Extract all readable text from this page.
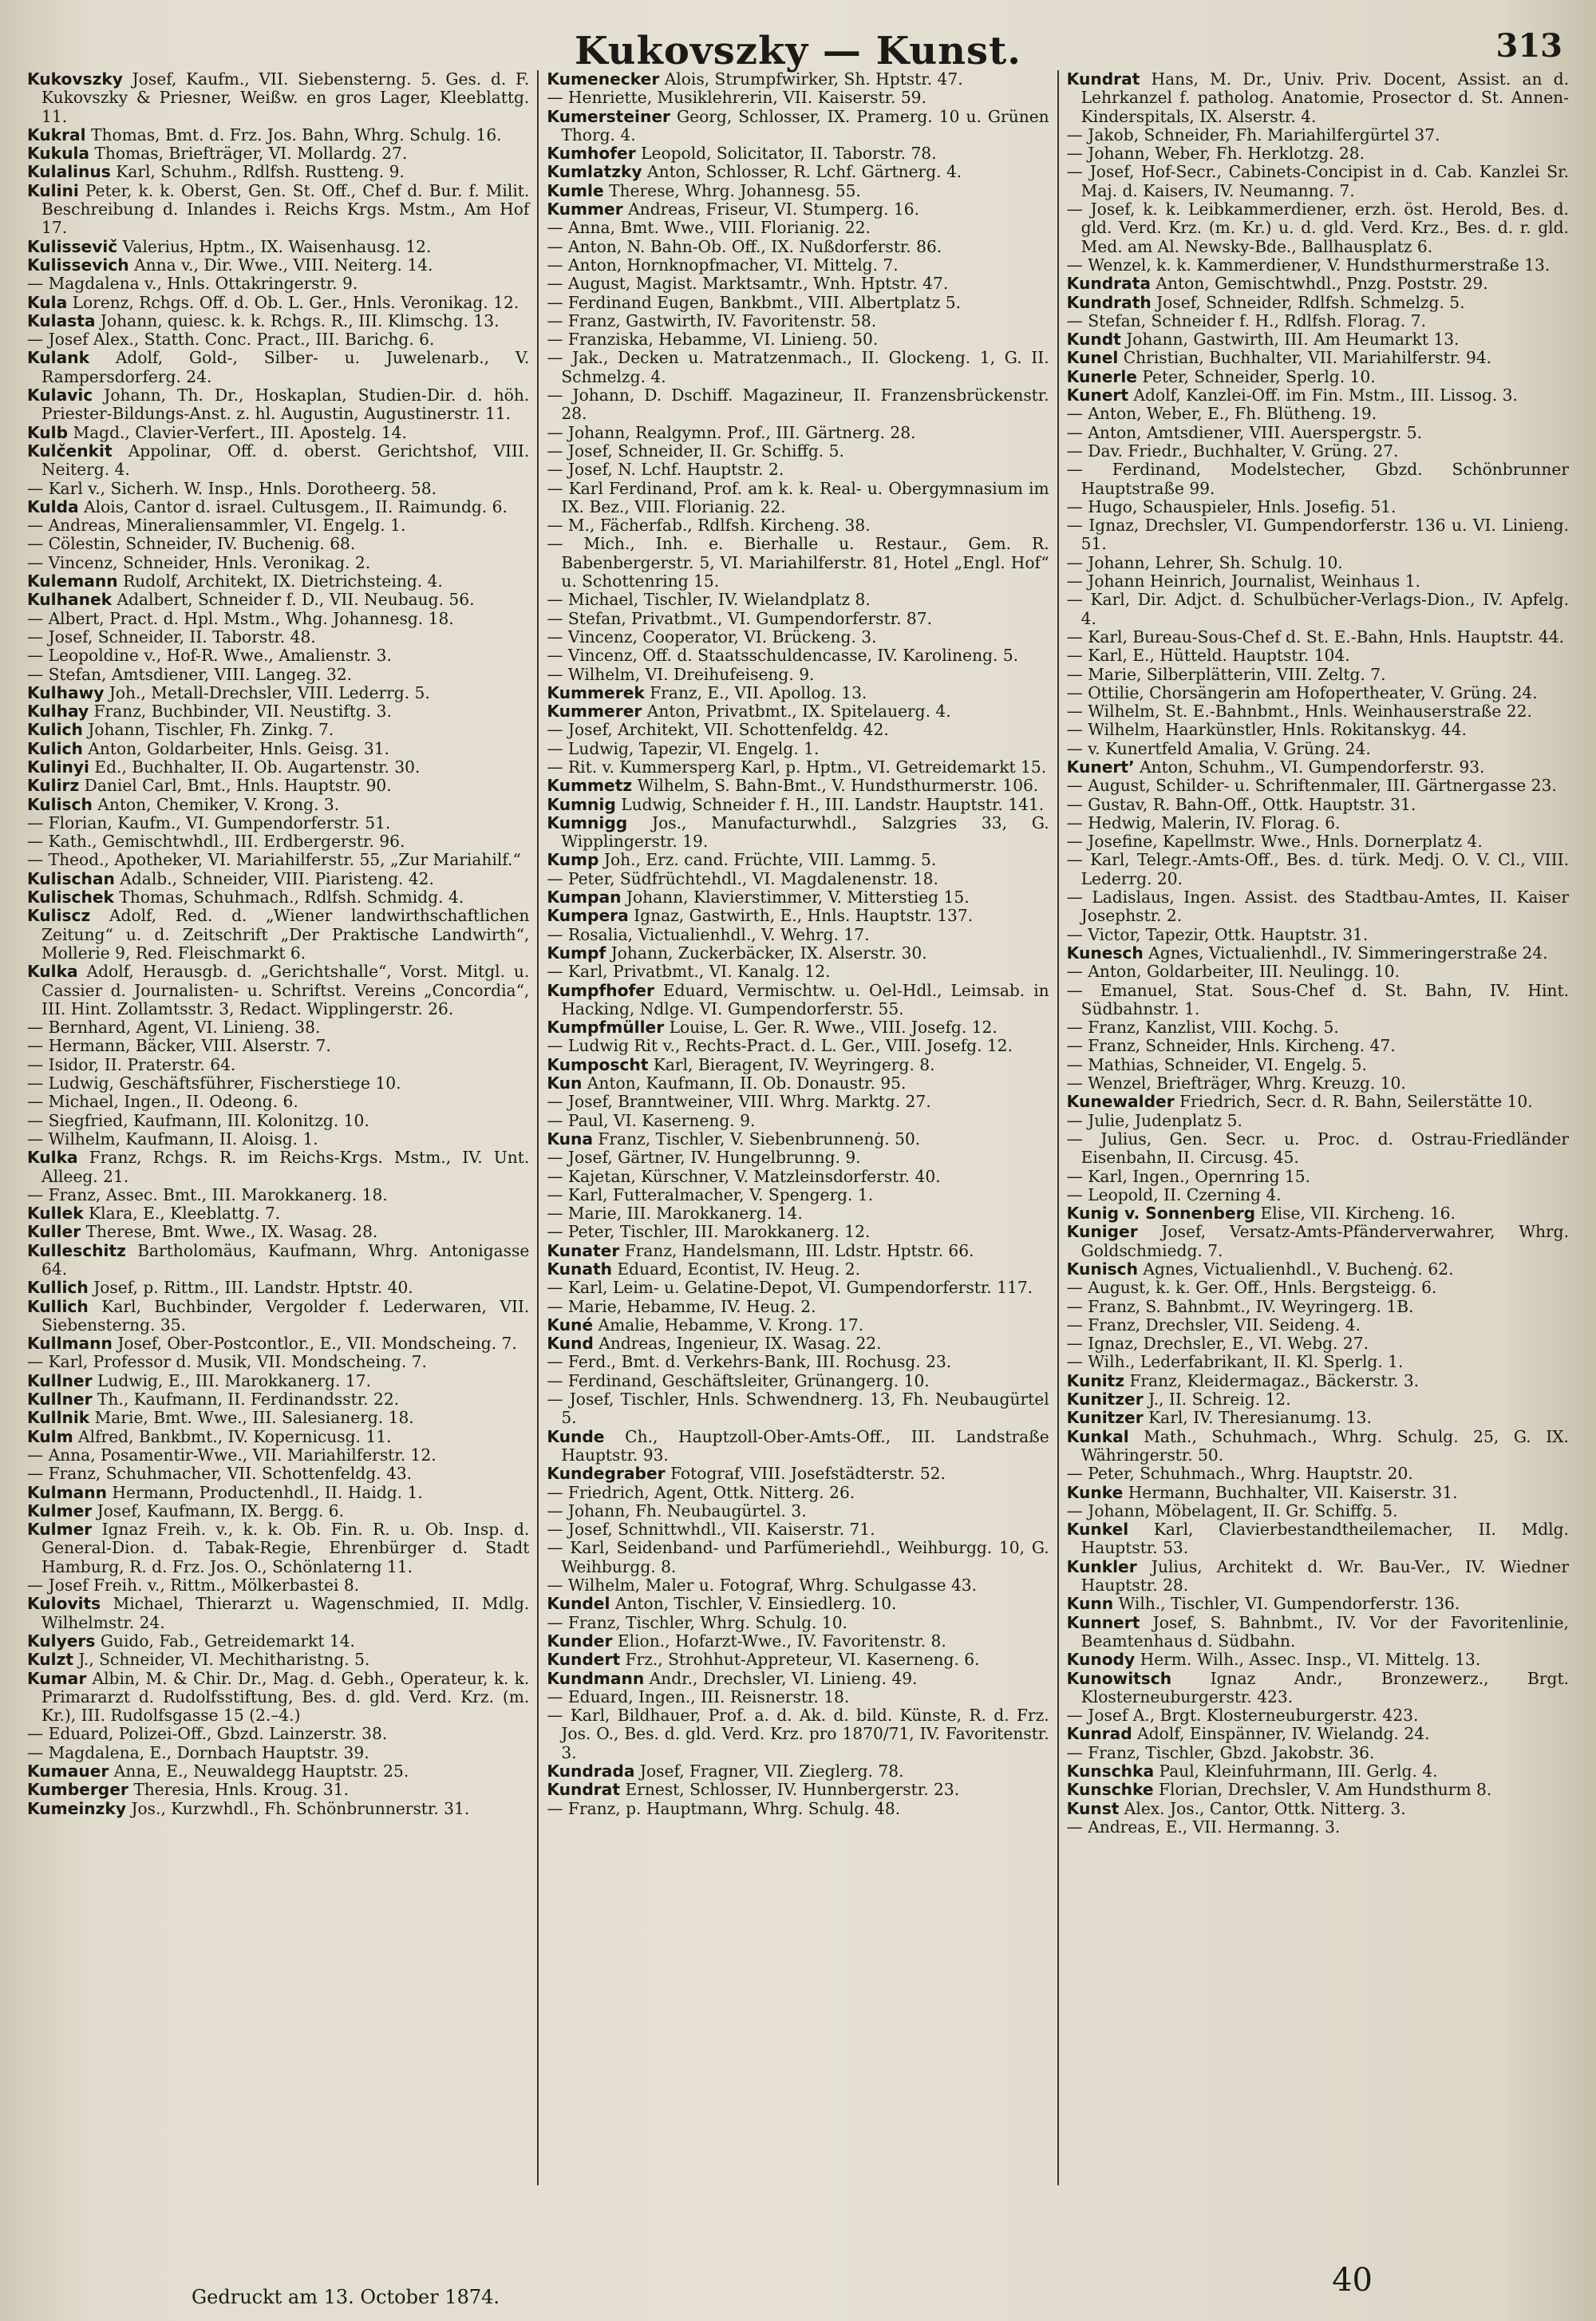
Kukovszky — Kunst.	313

Kukovszky Josef, Kaufm., VII. Siebensterng. 5. Ges. d. F. Kukovszky & Priesner, Weißw. en gros Lager, Kleeblattg. 11.

Kukral Thomas, Bmt. d. Frz. Jos. Bahn, Whrg. Schulg. 16.

Kukula Thomas, Briefträger, VI. Mollardg. 27.

Kulalinus Karl, Schuhm., Rdlfsh. Rustteng. 9.

Kulini Peter, k. k. Oberst, Gen. St. Off., Chef d. Bur. f. Milit. Beschreibung d. Inlandes i. Reichs Krgs. Mstm., Am Hof 17.

Kulissevič Valerius, Hptm., IX. Waisenhausg. 12.

Kulissevich Anna v., Dir. Wwe., VIII. Neiterg. 14.

— Magdalena v., Hnls. Ottakringerstr. 9.

Kula Lorenz, Rchgs. Off. d. Ob. L. Ger., Hnls. Veronikag. 12.

Kulasta Johann, quiesc. k. k. Rchgs. R., III. Klimschg. 13.

— Josef Alex., Statth. Conc. Pract., III. Barichg. 6.

Kulank Adolf, Gold-, Silber- u. Juwelenarb., V. Rampersdorferg. 24.

Kulavic Johann, Th. Dr., Hoskaplan, Studien-Dir. d. höh. Priester-Bildungs-Anst. z. hl. Augustin, Augustinerstr. 11.

Kulb Magd., Clavier-Verfert., III. Apostelg. 14.

Kulčenkit Appolinar, Off. d. oberst. Gerichtshof, VIII. Neiterg. 4.

— Karl v., Sicherh. W. Insp., Hnls. Dorotheerg. 58.

Kulda Alois, Cantor d. israel. Cultusgem., II. Raimundg. 6.

— Andreas, Mineraliensammler, VI. Engelg. 1.

— Cölestin, Schneider, IV. Buchenig. 68.

— Vincenz, Schneider, Hnls. Veronikag. 2.

Kulemann Rudolf, Architekt, IX. Dietrichsteing. 4.

Kulhanek Adalbert, Schneider f. D., VII. Neubaug. 56.

— Albert, Pract. d. Hpl. Mstm., Whg. Johannesg. 18.

— Josef, Schneider, II. Taborstr. 48.

— Leopoldine v., Hof-R. Wwe., Amalienstr. 3.

— Stefan, Amtsdiener, VIII. Langeg. 32.

Kulhawy Joh., Metall-Drechsler, VIII. Lederrg. 5.

Kulhay Franz, Buchbinder, VII. Neustiftg. 3.

Kulich Johann, Tischler, Fh. Zinkg. 7.

Kulich Anton, Goldarbeiter, Hnls. Geisg. 31.

Kulinyi Ed., Buchhalter, II. Ob. Augartenstr. 30.

Kulirz Daniel Carl, Bmt., Hnls. Hauptstr. 90.

Kulisch Anton, Chemiker, V. Krong. 3.

— Florian, Kaufm., VI. Gumpendorferstr. 51.

— Kath., Gemischtwhdl., III. Erdbergerstr. 96.

— Theod., Apotheker, VI. Mariahilferstr. 55, „Zur Mariahilf.“

Kulischan Adalb., Schneider, VIII. Piaristeng. 42.

Kulischek Thomas, Schuhmach., Rdlfsh. Schmidg. 4.

Kuliscz Adolf, Red. d. „Wiener landwirthschaftlichen Zeitung“ u. d. Zeitschrift „Der Praktische Landwirth“, Mollerie 9, Red. Fleischmarkt 6.

Kulka Adolf, Herausgb. d. „Gerichtshalle“, Vorst. Mitgl. u. Cassier d. Journalisten- u. Schriftst. Vereins „Concordia“, III. Hint. Zollamtsstr. 3, Redact. Wipplingerstr. 26.

— Bernhard, Agent, VI. Linieng. 38.

— Hermann, Bäcker, VIII. Alserstr. 7.

— Isidor, II. Praterstr. 64.

— Ludwig, Geschäftsführer, Fischerstiege 10.

— Michael, Ingen., II. Odeong. 6.

— Siegfried, Kaufmann, III. Kolonitzg. 10.

— Wilhelm, Kaufmann, II. Aloisg. 1.

Kulka Franz, Rchgs. R. im Reichs-Krgs. Mstm., IV. Unt. Alleeg. 21.

— Franz, Assec. Bmt., III. Marokkanerg. 18.

Kullek Klara, E., Kleeblattg. 7.

Kuller Therese, Bmt. Wwe., IX. Wasag. 28.

Kulleschitz Bartholomäus, Kaufmann, Whrg. Antonigasse 64.

Kullich Josef, p. Rittm., III. Landstr. Hptstr. 40.

Kullich Karl, Buchbinder, Vergolder f. Lederwaren, VII. Siebensterng. 35.

Kullmann Josef, Ober-Postcontlor., E., VII. Mondscheing. 7.

— Karl, Professor d. Musik, VII. Mondscheing. 7.

Kullner Ludwig, E., III. Marokkanerg. 17.

Kullner Th., Kaufmann, II. Ferdinandsstr. 22.

Kullnik Marie, Bmt. Wwe., III. Salesianerg. 18.

Kulm Alfred, Bankbmt., IV. Kopernicusg. 11.

— Anna, Posamentir-Wwe., VII. Mariahilferstr. 12.

— Franz, Schuhmacher, VII. Schottenfeldg. 43.

Kulmann Hermann, Productenhdl., II. Haidg. 1.

Kulmer Josef, Kaufmann, IX. Bergg. 6.

Kulmer Ignaz Freih. v., k. k. Ob. Fin. R. u. Ob. Insp. d. General-Dion. d. Tabak-Regie, Ehrenbürger d. Stadt Hamburg, R. d. Frz. Jos. O., Schönlaterng 11.

— Josef Freih. v., Rittm., Mölkerbastei 8.

Kulovits Michael, Thierarzt u. Wagenschmied, II. Mdlg. Wilhelmstr. 24.

Kulyers Guido, Fab., Getreidemarkt 14.

Kulzt J., Schneider, VI. Mechitharistng. 5.

Kumar Albin, M. & Chir. Dr., Mag. d. Gebh., Operateur, k. k. Primararzt d. Rudolfsstiftung, Bes. d. gld. Verd. Krz. (m. Kr.), III. Rudolfsgasse 15 (2.–4.)

— Eduard, Polizei-Off., Gbzd. Lainzerstr. 38.

— Magdalena, E., Dornbach Hauptstr. 39.

Kumauer Anna, E., Neuwaldegg Hauptstr. 25.

Kumberger Theresia, Hnls. Kroug. 31.

Kumeinzky Jos., Kurzwhdl., Fh. Schönbrunnerstr. 31.

Kumenecker Alois, Strumpfwirker, Sh. Hptstr. 47.

— Henriette, Musiklehrerin, VII. Kaiserstr. 59.

Kumersteiner Georg, Schlosser, IX. Pramerg. 10 u. Grünen Thorg. 4.

Kumhofer Leopold, Solicitator, II. Taborstr. 78.

Kumlatzky Anton, Schlosser, R. Lchf. Gärtnerg. 4.

Kumle Therese, Whrg. Johannesg. 55.

Kummer Andreas, Friseur, VI. Stumperg. 16.

— Anna, Bmt. Wwe., VIII. Florianig. 22.

— Anton, N. Bahn-Ob. Off., IX. Nußdorferstr. 86.

— Anton, Hornknopfmacher, VI. Mittelg. 7.

— August, Magist. Marktsamtr., Wnh. Hptstr. 47.

— Ferdinand Eugen, Bankbmt., VIII. Albertplatz 5.

— Franz, Gastwirth, IV. Favoritenstr. 58.

— Franziska, Hebamme, VI. Linieng. 50.

— Jak., Decken u. Matratzenmach., II. Glockeng. 1, G. II. Schmelzg. 4.

— Johann, D. Dschiff. Magazineur, II. Franzensbrückenstr. 28.

— Johann, Realgymn. Prof., III. Gärtnerg. 28.

— Josef, Schneider, II. Gr. Schiffg. 5.

— Josef, N. Lchf. Hauptstr. 2.

— Karl Ferdinand, Prof. am k. k. Real- u. Obergymnasium im IX. Bez., VIII. Florianig. 22.

— M., Fächerfab., Rdlfsh. Kircheng. 38.

— Mich., Inh. e. Bierhalle u. Restaur., Gem. R. Babenbergerstr. 5, VI. Mariahilferstr. 81, Hotel „Engl. Hof“ u. Schottenring 15.

— Michael, Tischler, IV. Wielandplatz 8.

— Stefan, Privatbmt., VI. Gumpendorferstr. 87.

— Vincenz, Cooperator, VI. Brückeng. 3.

— Vincenz, Off. d. Staatsschuldencasse, IV. Karolineng. 5.

— Wilhelm, VI. Dreihufeiseng. 9.

Kummerek Franz, E., VII. Apollog. 13.

Kummerer Anton, Privatbmt., IX. Spitelauerg. 4.

— Josef, Architekt, VII. Schottenfeldg. 42.

— Ludwig, Tapezir, VI. Engelg. 1.

— Rit. v. Kummersperg Karl, p. Hptm., VI. Getreidemarkt 15.

Kummetz Wilhelm, S. Bahn-Bmt., V. Hundsthurmerstr. 106.

Kumnig Ludwig, Schneider f. H., III. Landstr. Hauptstr. 141.

Kumnigg Jos., Manufacturwhdl., Salzgries 33, G. Wipplingerstr. 19.

Kump Joh., Erz. cand. Früchte, VIII. Lammg. 5.

— Peter, Südfrüchtehdl., VI. Magdalenenstr. 18.

Kumpan Johann, Klavierstimmer, V. Mitterstieg 15.

Kumpera Ignaz, Gastwirth, E., Hnls. Hauptstr. 137.

— Rosalia, Victualienhdl., V. Wehrg. 17.

Kumpf Johann, Zuckerbäcker, IX. Alserstr. 30.

— Karl, Privatbmt., VI. Kanalg. 12.

Kumpfhofer Eduard, Vermischtw. u. Oel-Hdl., Leimsab. in Hacking, Ndlge. VI. Gumpendorferstr. 55.

Kumpfmüller Louise, L. Ger. R. Wwe., VIII. Josefg. 12.

— Ludwig Rit v., Rechts-Pract. d. L. Ger., VIII. Josefg. 12.

Kumposcht Karl, Bieragent, IV. Weyringerg. 8.

Kun Anton, Kaufmann, II. Ob. Donaustr. 95.

— Josef, Branntweiner, VIII. Whrg. Marktg. 27.

— Paul, VI. Kaserneng. 9.

Kuna Franz, Tischler, V. Siebenbrunnenġ. 50.

— Josef, Gärtner, IV. Hungelbrunng. 9.

— Kajetan, Kürschner, V. Matzleinsdorferstr. 40.

— Karl, Futteralmacher, V. Spengerg. 1.

— Marie, III. Marokkanerg. 14.

— Peter, Tischler, III. Marokkanerg. 12.

Kunater Franz, Handelsmann, III. Ldstr. Hptstr. 66.

Kunath Eduard, Econtist, IV. Heug. 2.

— Karl, Leim- u. Gelatine-Depot, VI. Gumpendorferstr. 117.

— Marie, Hebamme, IV. Heug. 2.

Kuné Amalie, Hebamme, V. Krong. 17.

Kund Andreas, Ingenieur, IX. Wasag. 22.

— Ferd., Bmt. d. Verkehrs-Bank, III. Rochusg. 23.

— Ferdinand, Geschäftsleiter, Grünangerg. 10.

— Josef, Tischler, Hnls. Schwendnerg. 13, Fh. Neubaugürtel 5.

Kunde Ch., Hauptzoll-Ober-Amts-Off., III. Landstraße Hauptstr. 93.

Kundegraber Fotograf, VIII. Josefstädterstr. 52.

— Friedrich, Agent, Ottk. Nitterg. 26.

— Johann, Fh. Neubaugürtel. 3.

— Josef, Schnittwhdl., VII. Kaiserstr. 71.

— Karl, Seidenband- und Parfümeriehdl., Weihburgg. 10, G. Weihburgg. 8.

— Wilhelm, Maler u. Fotograf, Whrg. Schulgasse 43.

Kundel Anton, Tischler, V. Einsiedlerg. 10.

— Franz, Tischler, Whrg. Schulg. 10.

Kunder Elion., Hofarzt-Wwe., IV. Favoritenstr. 8.

Kundert Frz., Strohhut-Appreteur, VI. Kaserneng. 6.

Kundmann Andr., Drechsler, VI. Linieng. 49.

— Eduard, Ingen., III. Reisnerstr. 18.

— Karl, Bildhauer, Prof. a. d. Ak. d. bild. Künste, R. d. Frz. Jos. O., Bes. d. gld. Verd. Krz. pro 1870/71, IV. Favoritenstr. 3.

Kundrada Josef, Fragner, VII. Zieglerg. 78.

Kundrat Ernest, Schlosser, IV. Hunnbergerstr. 23.

— Franz, p. Hauptmann, Whrg. Schulg. 48.

Kundrat Hans, M. Dr., Univ. Priv. Docent, Assist. an d. Lehrkanzel f. patholog. Anatomie, Prosector d. St. Annen-Kinderspitals, IX. Alserstr. 4.

— Jakob, Schneider, Fh. Mariahilfergürtel 37.

— Johann, Weber, Fh. Herklotzg. 28.

— Josef, Hof-Secr., Cabinets-Concipist in d. Cab. Kanzlei Sr. Maj. d. Kaisers, IV. Neumanng. 7.

— Josef, k. k. Leibkammerdiener, erzh. öst. Herold, Bes. d. gld. Verd. Krz. (m. Kr.) u. d. gld. Verd. Krz., Bes. d. r. gld. Med. am Al. Newsky-Bde., Ballhausplatz 6.

— Wenzel, k. k. Kammerdiener, V. Hundsthurmerstraße 13.

Kundrata Anton, Gemischtwhdl., Pnzg. Poststr. 29.

Kundrath Josef, Schneider, Rdlfsh. Schmelzg. 5.

— Stefan, Schneider f. H., Rdlfsh. Florag. 7.

Kundt Johann, Gastwirth, III. Am Heumarkt 13.

Kunel Christian, Buchhalter, VII. Mariahilferstr. 94.

Kunerle Peter, Schneider, Sperlg. 10.

Kunert Adolf, Kanzlei-Off. im Fin. Mstm., III. Lissog. 3.

— Anton, Weber, E., Fh. Blütheng. 19.

— Anton, Amtsdiener, VIII. Auerspergstr. 5.

— Dav. Friedr., Buchhalter, V. Grüng. 27.

— Ferdinand, Modelstecher, Gbzd. Schönbrunner Hauptstraße 99.

— Hugo, Schauspieler, Hnls. Josefig. 51.

— Ignaz, Drechsler, VI. Gumpendorferstr. 136 u. VI. Linieng. 51.

— Johann, Lehrer, Sh. Schulg. 10.

— Johann Heinrich, Journalist, Weinhaus 1.

— Karl, Dir. Adjct. d. Schulbücher-Verlags-Dion., IV. Apfelg. 4.

— Karl, Bureau-Sous-Chef d. St. E.-Bahn, Hnls. Hauptstr. 44.

— Karl, E., Hütteld. Hauptstr. 104.

— Marie, Silberplätterin, VIII. Zeltg. 7.

— Ottilie, Chorsängerin am Hofopertheater, V. Grüng. 24.

— Wilhelm, St. E.-Bahnbmt., Hnls. Weinhauserstraße 22.

— Wilhelm, Haarkünstler, Hnls. Rokitanskyg. 44.

— v. Kunertfeld Amalia, V. Grüng. 24.

Kunertʼ Anton, Schuhm., VI. Gumpendorferstr. 93.

— August, Schilder- u. Schriftenmaler, III. Gärtnergasse 23.

— Gustav, R. Bahn-Off., Ottk. Hauptstr. 31.

— Hedwig, Malerin, IV. Florag. 6.

— Josefine, Kapellmstr. Wwe., Hnls. Dornerplatz 4.

— Karl, Telegr.-Amts-Off., Bes. d. türk. Medj. O. V. Cl., VIII. Lederrg. 20.

— Ladislaus, Ingen. Assist. des Stadtbau-Amtes, II. Kaiser Josephstr. 2.

— Victor, Tapezir, Ottk. Hauptstr. 31.

Kunesch Agnes, Victualienhdl., IV. Simmeringerstraße 24.

— Anton, Goldarbeiter, III. Neulingg. 10.

— Emanuel, Stat. Sous-Chef d. St. Bahn, IV. Hint. Südbahnstr. 1.

— Franz, Kanzlist, VIII. Kochg. 5.

— Franz, Schneider, Hnls. Kircheng. 47.

— Mathias, Schneider, VI. Engelg. 5.

— Wenzel, Briefträger, Whrg. Kreuzg. 10.

Kunewalder Friedrich, Secr. d. R. Bahn, Seilerstätte 10.

— Julie, Judenplatz 5.

— Julius, Gen. Secr. u. Proc. d. Ostrau-Friedländer Eisenbahn, II. Circusg. 45.

— Karl, Ingen., Opernring 15.

— Leopold, II. Czerning 4.

Kunig v. Sonnenberg Elise, VII. Kircheng. 16.

Kuniger Josef, Versatz-Amts-Pfänderverwahrer, Whrg. Goldschmiedg. 7.

Kunisch Agnes, Victualienhdl., V. Buchenġ. 62.

— August, k. k. Ger. Off., Hnls. Bergsteigg. 6.

— Franz, S. Bahnbmt., IV. Weyringerg. 1B.

— Franz, Drechsler, VII. Seideng. 4.

— Ignaz, Drechsler, E., VI. Webg. 27.

— Wilh., Lederfabrikant, II. Kl. Sperlg. 1.

Kunitz Franz, Kleidermagaz., Bäckerstr. 3.

Kunitzer J., II. Schreig. 12.

Kunitzer Karl, IV. Theresianumg. 13.

Kunkal Math., Schuhmach., Whrg. Schulg. 25, G. IX. Währingerstr. 50.

— Peter, Schuhmach., Whrg. Hauptstr. 20.

Kunke Hermann, Buchhalter, VII. Kaiserstr. 31.

— Johann, Möbelagent, II. Gr. Schiffg. 5.

Kunkel Karl, Clavierbestandtheilemacher, II. Mdlg. Hauptstr. 53.

Kunkler Julius, Architekt d. Wr. Bau-Ver., IV. Wiedner Hauptstr. 28.

Kunn Wilh., Tischler, VI. Gumpendorferstr. 136.

Kunnert Josef, S. Bahnbmt., IV. Vor der Favoritenlinie, Beamtenhaus d. Südbahn.

Kunody Herm. Wilh., Assec. Insp., VI. Mittelg. 13.

Kunowitsch Ignaz Andr., Bronzewerz., Brgt. Klosterneuburgerstr. 423.

— Josef A., Brgt. Klosterneuburgerstr. 423.

Kunrad Adolf, Einspänner, IV. Wielandg. 24.

— Franz, Tischler, Gbzd. Jakobstr. 36.

Kunschka Paul, Kleinfuhrmann, III. Gerlg. 4.

Kunschke Florian, Drechsler, V. Am Hundsthurm 8.

Kunst Alex. Jos., Cantor, Ottk. Nitterg. 3.

— Andreas, E., VII. Hermanng. 3.

Gedruckt am 13. October 1874.	40
